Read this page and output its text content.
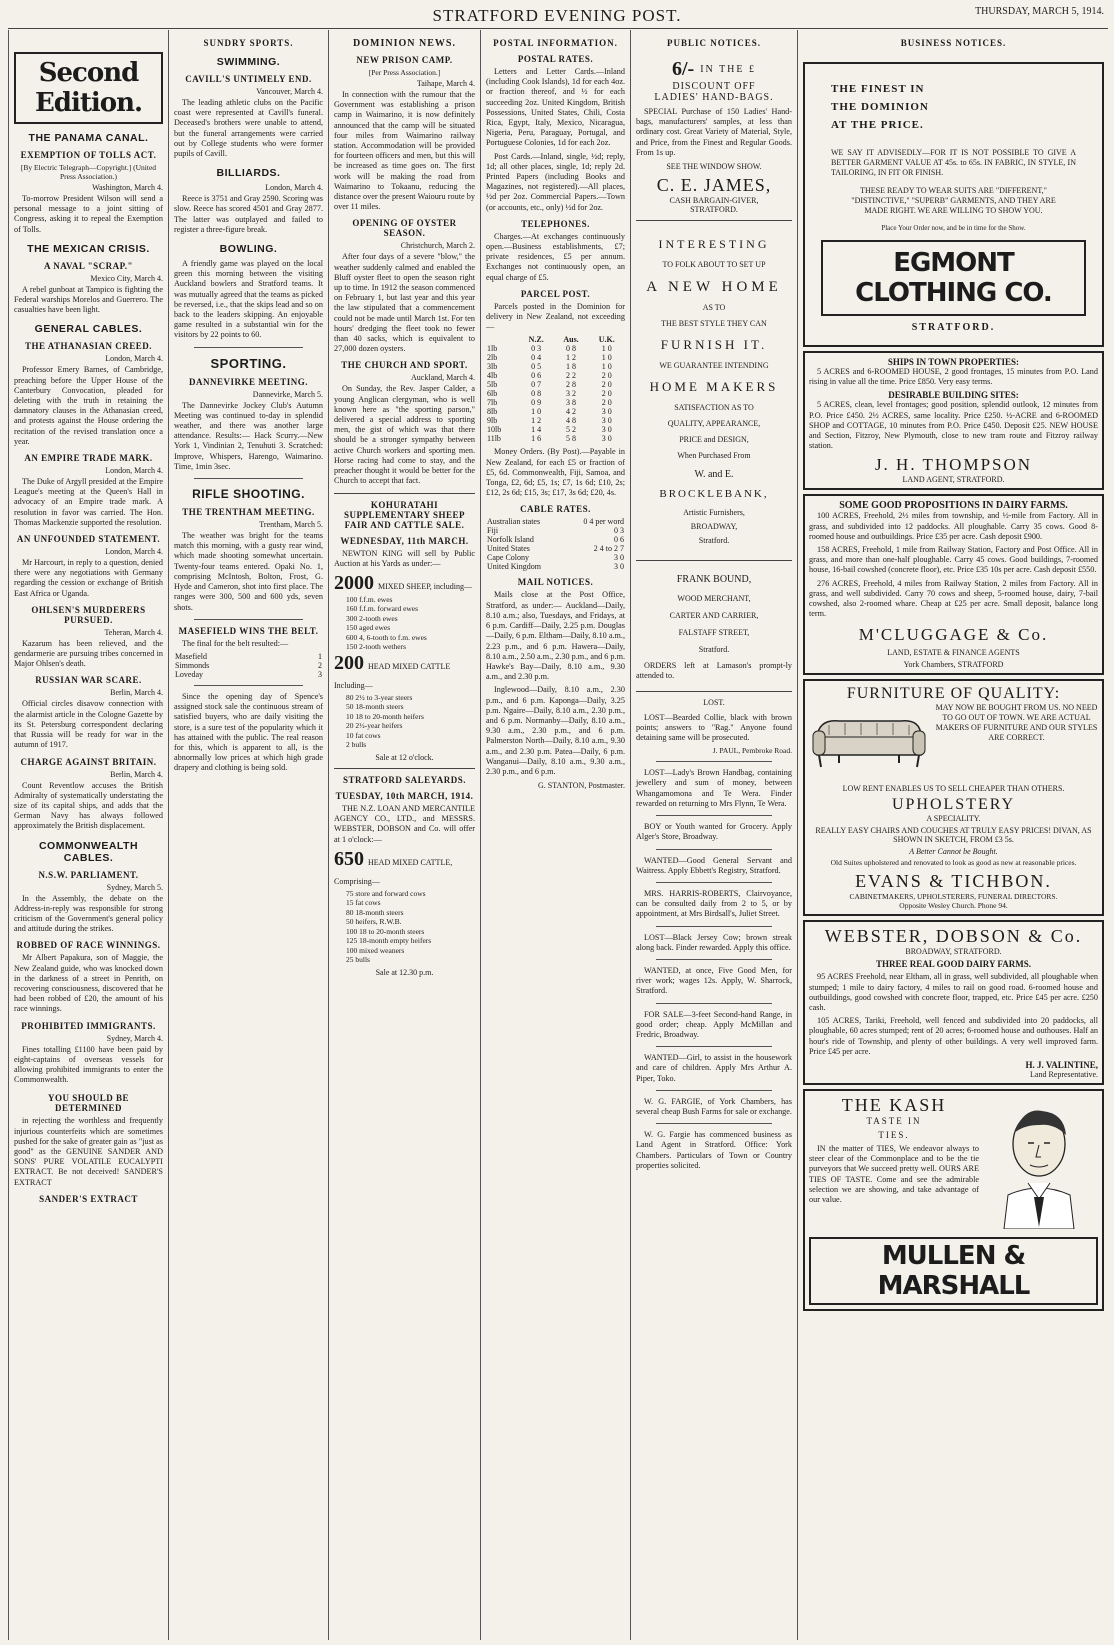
STRATFORD EVENING POST.	THURSDAY, MARCH 5, 1914.
Second Edition.
THE PANAMA CANAL.
EXEMPTION OF TOLLS ACT.
[By Electric Telegraph—Copyright.] (United Press Association.)
Washington, March 4.

To-morrow President Wilson will send a personal message to a joint sitting of Congress, asking it to repeal the Exemption of Tolls.

THE MEXICAN CRISIS.
A NAVAL "SCRAP."
Mexico City, March 4.

A rebel gunboat at Tampico is fighting the Federal warships Morelos and Guerrero. The casualties have been light.

GENERAL CABLES.
THE ATHANASIAN CREED.
London, March 4.

Professor Emery Barnes, of Cambridge, preaching before the Upper House of the Canterbury Convocation, pleaded for deleting with the truth in retaining the damnatory clauses in the Athanasian creed, and protests against the House ordering the recitation of the revised translation once a year.

AN EMPIRE TRADE MARK.
London, March 4.

The Duke of Argyll presided at the Empire League's meeting at the Queen's Hall in advocacy of an Empire trade mark. A resolution in favor was carried. The Hon. Thomas Mackenzie supported the resolution.

AN UNFOUNDED STATEMENT.
London, March 4.

Mr Harcourt, in reply to a question, denied there were any negotiations with Germany regarding the cession or exchange of British East Africa or Uganda.

OHLSEN'S MURDERERS PURSUED.
Teheran, March 4.

Kazarum has been relieved, and the gendarmerie are pursuing tribes concerned in Major Ohlsen's death.

RUSSIAN WAR SCARE.
Berlin, March 4.

Official circles disavow connection with the alarmist article in the Cologne Gazette by its St. Petersburg correspondent declaring that Russia will be ready for war in the autumn of 1917.

CHARGE AGAINST BRITAIN.
Berlin, March 4.

Count Reventlow accuses the British Admiralty of systematically understating the size of its capital ships, and adds that the German Navy has always followed approximately the British displacement.

COMMONWEALTH CABLES.
N.S.W. PARLIAMENT.
Sydney, March 5.

In the Assembly, the debate on the Address-in-reply was responsible for strong criticism of the Government's general policy and attitude during the strikes.

ROBBED OF RACE WINNINGS.

Mr Albert Papakura, son of Maggie, the New Zealand guide, who was knocked down in the darkness of a street in Penrith, on recovering consciousness, discovered that he had been robbed of £20, the amount of his race winnings.

PROHIBITED IMMIGRANTS.
Sydney, March 4.

Fines totalling £1100 have been paid by eight-captains of overseas vessels for allowing prohibited immigrants to enter the Commonwealth.

YOU SHOULD BE DETERMINED

in rejecting the worthless and frequently injurious counterfeits which are sometimes pushed for the sake of greater gain as "just as good" as the GENUINE SANDER AND SONS' PURE VOLATILE EUCALYPTI EXTRACT. Be not deceived! SANDER'S EXTRACT

SANDER'S EXTRACT
SUNDRY SPORTS.
SWIMMING.
CAVILL'S UNTIMELY END.
Vancouver, March 4.

The leading athletic clubs on the Pacific coast were represented at Cavill's funeral. Deceased's brothers were unable to attend, but the funeral arrangements were carried out by College students who were former pupils of Cavill.

BILLIARDS.
London, March 4.

Reece is 3751 and Gray 2590. Scoring was slow. Reece has scored 4501 and Gray 2877. The latter was outplayed and failed to register a three-figure break.

BOWLING.

A friendly game was played on the local green this morning between the visiting Auckland bowlers and Stratford teams. It was mutually agreed that the teams as picked be reversed, i.e., that the skips lead and so on back to the leaders skipping. An enjoyable game resulted in a substantial win for the visitors by 22 points to 60.

SPORTING.
DANNEVIRKE MEETING.
Dannevirke, March 5.

The Dannevirke Jockey Club's Autumn Meeting was continued to-day in splendid weather, and there was another large attendance. Results:— Hack Scurry.—New York 1, Vindinian 2, Tenuhuti 3. Scratched: Improve, Whispers, Harengo, Waimarino. Time, 1min 3sec.

RIFLE SHOOTING.
THE TRENTHAM MEETING.
Trentham, March 5.

The weather was bright for the teams match this morning, with a gusty rear wind, which made shooting somewhat uncertain. Twenty-four teams entered. Opaki No. 1, comprising McIntosh, Bolton, Frost, G. Hyde and Cameron, shot into first place. The ranges were 300, 500 and 600 yds, seven shots.

MASEFIELD WINS THE BELT.

The final for the belt resulted:—

Masefield	1
Simmonds	2
Loveday	3

Since the opening day of Spence's assigned stock sale the continuous stream of satisfied buyers, who are daily visiting the store, is a sure test of the popularity which it has attained with the public. The real reason for this, which is apparent to all, is the abnormally low prices at which high grade drapery and clothing is being sold.

DOMINION NEWS.
NEW PRISON CAMP.
[Per Press Association.]
Taihape, March 4.

In connection with the rumour that the Government was establishing a prison camp in Waimarino, it is now definitely announced that the camp will be situated four miles from Waimarino railway station. Accommodation will be provided for fourteen officers and men, but this will be increased as time goes on. The first work will be making the road from Waimarino to Tokaanu, reducing the distance over the present Waiouru route by over 11 miles.

OPENING OF OYSTER SEASON.
Christchurch, March 2.

After four days of a severe "blow," the weather suddenly calmed and enabled the Bluff oyster fleet to open the season right up to time. In 1912 the season commenced on February 1, but last year and this year the law stipulated that a commencement could not be made until March 1st. For ten hours' dredging the fleet took no fewer than 40 sacks, which is equivalent to 27,000 dozen oysters.

THE CHURCH AND SPORT.
Auckland, March 4.

On Sunday, the Rev. Jasper Calder, a young Anglican clergyman, who is well known here as "the sporting parson," delivered a special address to sporting men, the gist of which was that there should be a stronger sympathy between active Church workers and sporting men. Horse racing had come to stay, and the preacher thought it would be better for the Church to accept that fact.

KOHURATAHI SUPPLEMENTARY SHEEP FAIR AND CATTLE SALE.
WEDNESDAY, 11th MARCH.

NEWTON KING will sell by Public Auction at his Yards as under:—

2000 MIXED SHEEP, including—
100 f.f.m. ewes
160 f.f.m. forward ewes
300 2-tooth ewes
150 aged ewes
600 4, 6-tooth to f.m. ewes
150 2-tooth wethers
200 HEAD MIXED CATTLE Including—
80 2½ to 3-year steers
50 18-month steers
10 18 to 20-month heifers
20 2½-year heifers
10 fat cows
2 bulls
Sale at 12 o'clock.
STRATFORD SALEYARDS.
TUESDAY, 10th MARCH, 1914.

THE N.Z. LOAN AND MERCANTILE AGENCY CO., LTD., and MESSRS. WEBSTER, DOBSON and Co. will offer at 1 o'clock:—

650 HEAD MIXED CATTLE, Comprising—
75 store and forward cows
15 fat cows
80 18-month steers
50 heifers, R.W.B.
100 18 to 20-month steers
125 18-month empty heifers
100 mixed weaners
25 bulls
Sale at 12.30 p.m.
POSTAL INFORMATION.
POSTAL RATES.

Letters and Letter Cards.—Inland (including Cook Islands), 1d for each 4oz. or fraction thereof, and ½ for each succeeding 2oz. United Kingdom, British Possessions, United States, Chili, Costa Rica, Egypt, Italy, Mexico, Nicaragua, Nigeria, Peru, Paraguay, Portugal, and Portuguese Colonies, 1d for each 2oz.

Post Cards.—Inland, single, ½d; reply, 1d; all other places, single, 1d; reply 2d. Printed Papers (including Books and Magazines, not registered).—All places, ½d per 2oz. Commercial Papers.—Town (or accounts, etc., only) ½d for 2oz.

TELEPHONES.

Charges.—At exchanges continuously open.—Business establishments, £7; private residences, £5 per annum. Exchanges not continuously open, an equal charge of £5.

PARCEL POST.

Parcels posted in the Dominion for delivery in New Zealand, not exceeding—

	N.Z.	Aus.	U.K.
1lb	0 3	0 8	1 0
2lb	0 4	1 2	1 0
3lb	0 5	1 8	1 0
4lb	0 6	2 2	2 0
5lb	0 7	2 8	2 0
6lb	0 8	3 2	2 0
7lb	0 9	3 8	2 0
8lb	1 0	4 2	3 0
9lb	1 2	4 8	3 0
10lb	1 4	5 2	3 0
11lb	1 6	5 8	3 0

Money Orders. (By Post).—Payable in New Zealand, for each £5 or fraction of £5, 6d. Commonwealth, Fiji, Samoa, and Tonga, £2, 6d; £5, 1s; £7, 1s 6d; £10, 2s; £12, 2s 6d; £15, 3s; £17, 3s 6d; £20, 4s.

CABLE RATES.
Australian states	0 4 per word
Fiji	0 3
Norfolk Island	0 6
United States	2 4 to 2 7
Cape Colony	3 0
United Kingdom	3 0
MAIL NOTICES.

Mails close at the Post Office, Stratford, as under:— Auckland—Daily, 8.10 a.m.; also, Tuesdays, and Fridays, at 6 p.m. Cardiff—Daily, 2.25 p.m. Douglas—Daily, 6 p.m. Eltham—Daily, 8.10 a.m., 2.23 p.m., and 6 p.m. Hawera—Daily, 8.10 a.m., 2.50 a.m., 2.30 p.m., and 6 p.m. Hawke's Bay—Daily, 8.10 a.m., 9.30 a.m., and 2.30 p.m.

Inglewood—Daily, 8.10 a.m., 2.30 p.m., and 6 p.m. Kaponga—Daily, 3.25 p.m. Ngaire—Daily, 8.10 a.m., 2.30 p.m., and 6 p.m. Normanby—Daily, 8.10 a.m., 9.30 a.m., 2.30 p.m., and 6 p.m. Palmerston North—Daily, 8.10 a.m., 9.30 a.m., and 2.30 p.m. Patea—Daily, 6 p.m. Wanganui—Daily, 8.10 a.m., 9.30 a.m., 2.30 p.m., and 6 p.m.

G. STANTON, Postmaster.
PUBLIC NOTICES.
6/- IN THE £
DISCOUNT OFF
LADIES' HAND-BAGS.

SPECIAL Purchase of 150 Ladies' Hand-bags, manufacturers' samples, at less than ordinary cost. Great Variety of Material, Style, and Price, from the Finest and Regular Goods. From 1s up.

SEE THE WINDOW SHOW.
C. E. JAMES,
CASH BARGAIN-GIVER,
STRATFORD.
INTERESTING
TO FOLK ABOUT TO SET UP
A NEW HOME
AS TO
THE BEST STYLE THEY CAN
FURNISH IT.
WE GUARANTEE INTENDING
HOME MAKERS
SATISFACTION AS TO
QUALITY, APPEARANCE,
PRICE and DESIGN,
When Purchased From
W. and E.
BROCKLEBANK,
Artistic Furnishers,
BROADWAY,
Stratford.
FRANK BOUND,
WOOD MERCHANT,
CARTER AND CARRIER,
FALSTAFF STREET,
Stratford.

ORDERS left at Lamason's prompt-ly attended to.

LOST.

LOST—Bearded Collie, black with brown points; answers to "Rag." Anyone found detaining same will be prosecuted.

J. PAUL, Pembroke Road.

LOST—Lady's Brown Handbag, containing jewellery and sum of money, between Whangamomona and Te Wera. Finder rewarded on returning to Mrs Flynn, Te Wera.

BOY or Youth wanted for Grocery. Apply Alger's Store, Broadway.

WANTED—Good General Servant and Waitress. Apply Ebbett's Registry, Stratford.

MRS. HARRIS-ROBERTS, Clairvoyance, can be consulted daily from 2 to 5, or by appointment, at Mrs Birdsall's, Juliet Street.

LOST—Black Jersey Cow; brown streak along back. Finder rewarded. Apply this office.

WANTED, at once, Five Good Men, for river work; wages 12s. Apply, W. Sharrock, Stratford.

FOR SALE—3-feet Second-hand Range, in good order; cheap. Apply McMillan and Fredric, Broadway.

WANTED—Girl, to assist in the housework and care of children. Apply Mrs Arthur A. Piper, Toko.

W. G. FARGIE, of York Chambers, has several cheap Bush Farms for sale or exchange.

W. G. Fargie has commenced business as Land Agent in Stratford. Office: York Chambers. Particulars of Town or Country properties solicited.

BUSINESS NOTICES.
THE FINEST IN
THE DOMINION
AT THE PRICE.
WE SAY IT ADVISEDLY—FOR IT IS NOT POSSIBLE TO GIVE A BETTER GARMENT VALUE AT 45s. to 65s. IN FABRIC, IN STYLE, IN TAILORING, IN FIT OR FINISH.
THESE READY TO WEAR SUITS ARE "DIFFERENT," "DISTINCTIVE," "SUPERB" GARMENTS, AND THEY ARE MADE RIGHT. WE ARE WILLING TO SHOW YOU.
Place Your Order now, and be in time for the Show.
EGMONT CLOTHING CO.
STRATFORD.
SHIPS IN TOWN PROPERTIES:

5 ACRES and 6-ROOMED HOUSE, 2 good frontages, 15 minutes from P.O. Land rising in value all the time. Price £850. Very easy terms.

DESIRABLE BUILDING SITES:

5 ACRES, clean, level frontages; good position, splendid outlook, 12 minutes from P.O. Price £450. 2½ ACRES, same locality. Price £250. ½-ACRE and 6-ROOMED SHOP and COTTAGE, 10 minutes from P.O. Price £450. Deposit £25. NEW HOUSE and Section, Fitzroy, New Plymouth, close to new tram route and Fitzroy railway station.

J. H. THOMPSON
LAND AGENT, STRATFORD.
SOME GOOD PROPOSITIONS IN DAIRY FARMS.

100 ACRES, Freehold, 2½ miles from township, and ½-mile from Factory. All in grass, and subdivided into 12 paddocks. All ploughable. Carry 35 cows. Good 8-roomed house and outbuildings. Price £35 per acre. Cash deposit £900.

158 ACRES, Freehold, 1 mile from Railway Station, Factory and Post Office. All in grass, and more than one-half ploughable. Carry 45 cows. Good buildings, 7-roomed house, 16-bail cowshed (concrete floor), etc. Price £35 10s per acre. Cash deposit £550.

276 ACRES, Freehold, 4 miles from Railway Station, 2 miles from Factory. All in grass, and well subdivided. Carry 70 cows and sheep, 5-roomed house, dairy, 7-bail cowshed, also 2-roomed whare. Cheap at £25 per acre. Small deposit, balance long term.

M'CLUGGAGE & Co.
LAND, ESTATE & FINANCE AGENTS
York Chambers, STRATFORD
FURNITURE OF QUALITY:
MAY NOW BE BOUGHT FROM US. NO NEED TO GO OUT OF TOWN. WE ARE ACTUAL MAKERS OF FURNITURE AND OUR STYLES ARE CORRECT.
LOW RENT ENABLES US TO SELL CHEAPER THAN OTHERS.
UPHOLSTERY
A SPECIALITY.
REALLY EASY CHAIRS AND COUCHES AT TRULY EASY PRICES! DIVAN, AS SHOWN IN SKETCH, FROM £3 5s.
A Better Cannot be Bought.
Old Suites upholstered and renovated to look as good as new at reasonable prices.
EVANS & TICHBON.
CABINETMAKERS, UPHOLSTERERS, FUNERAL DIRECTORS.
Opposite Wesley Church. Phone 94.
WEBSTER, DOBSON & Co.
BROADWAY, STRATFORD.
THREE REAL GOOD DAIRY FARMS.

95 ACRES Freehold, near Eltham, all in grass, well subdivided, all ploughable when stumped; 1 mile to dairy factory, 4 miles to rail on good road. 6-roomed house and outbuildings, good cowshed with concrete floor, trapped, etc. Price £45 per acre. £250 cash.

105 ACRES, Tariki, Freehold, well fenced and subdivided into 20 paddocks, all ploughable, 60 acres stumped; rent of 20 acres; 6-roomed house and outhouses. Half an hour's ride of Township, and plenty of other buildings. A very well improved farm. Price £45 per acre.

H. J. VALINTINE,
Land Representative.
THE KASH
TASTE IN
TIES.

IN the matter of TIES, We endeavor always to steer clear of the Commonplace and to be the tie purveyors that We succeed pretty well. OURS ARE TIES OF TASTE. Come and see the admirable selection we are showing, and take advantage of our value.

MULLEN & MARSHALL
